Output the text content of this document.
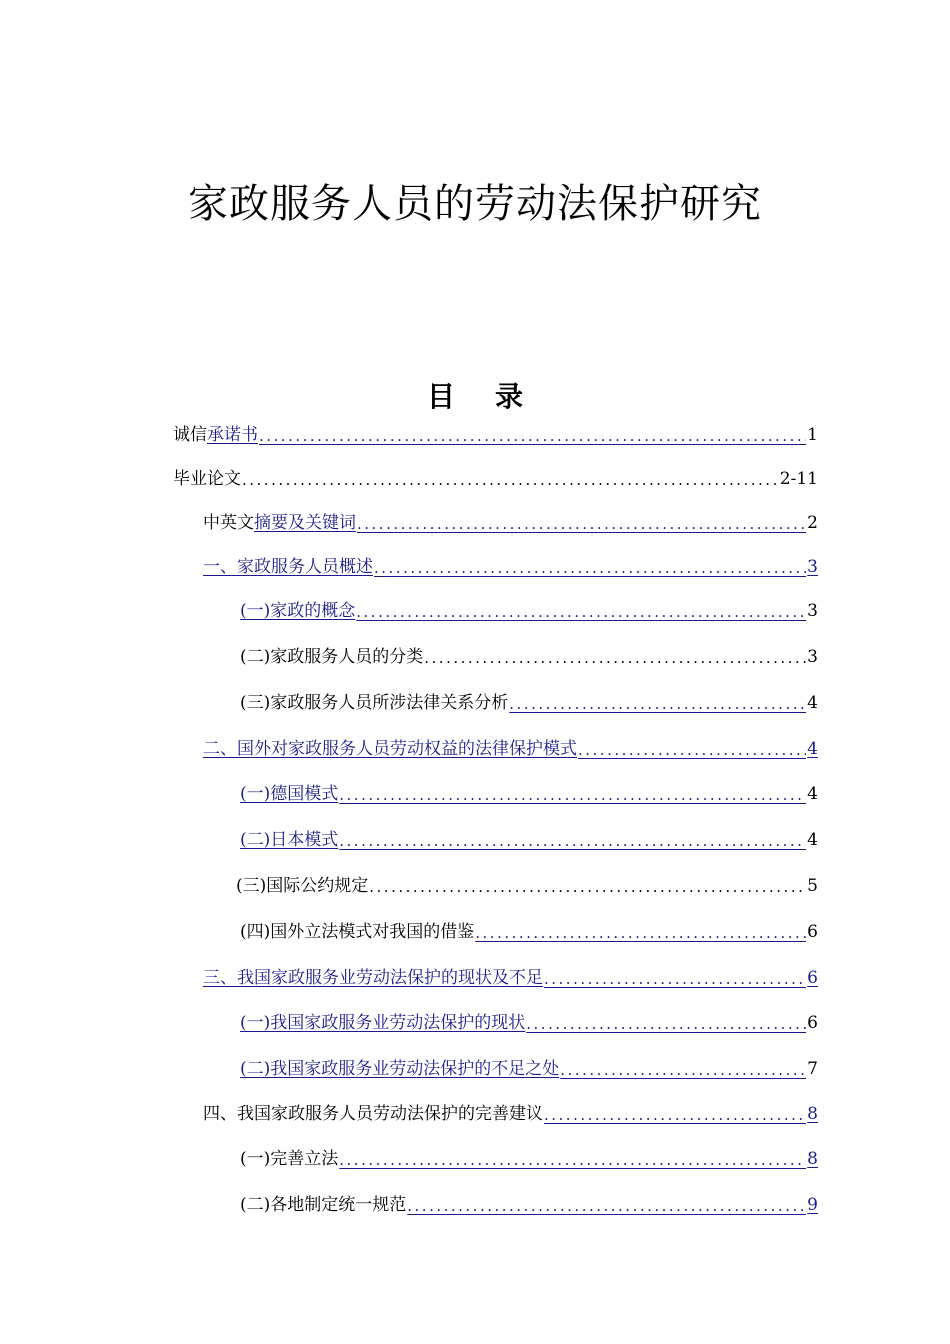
家政服务人员的劳动法保护研究
目 录
诚信 承诺书 .....	1
毕业论文 .....	2-11
中英文 摘要及关键词 .....	2
一、家政服务人员概述 .....	3
(一)家政的概念 .....	3
(二)家政服务人员的分类 .....	3
(三)家政服务人员所涉法律关系分析 .....	4
二、国外对家政服务人员劳动权益的法律保护模式 .....	4
(一)德国模式 .....	4
(二)日本模式 .....	4
(三)国际公约规定 .....	5
(四)国外立法模式对我国的借鉴 .....	6
三、我国家政服务业劳动法保护的现状及不足 .....	6
(一)我国家政服务业劳动法保护的现状 .....	6
(二)我国家政服务业劳动法保护的不足之处 .....	7
四、我国家政服务人员劳动法保护的完善建议 .....	8
(一)完善立法 .....	8
(二)各地制定统一规范 .....	9
